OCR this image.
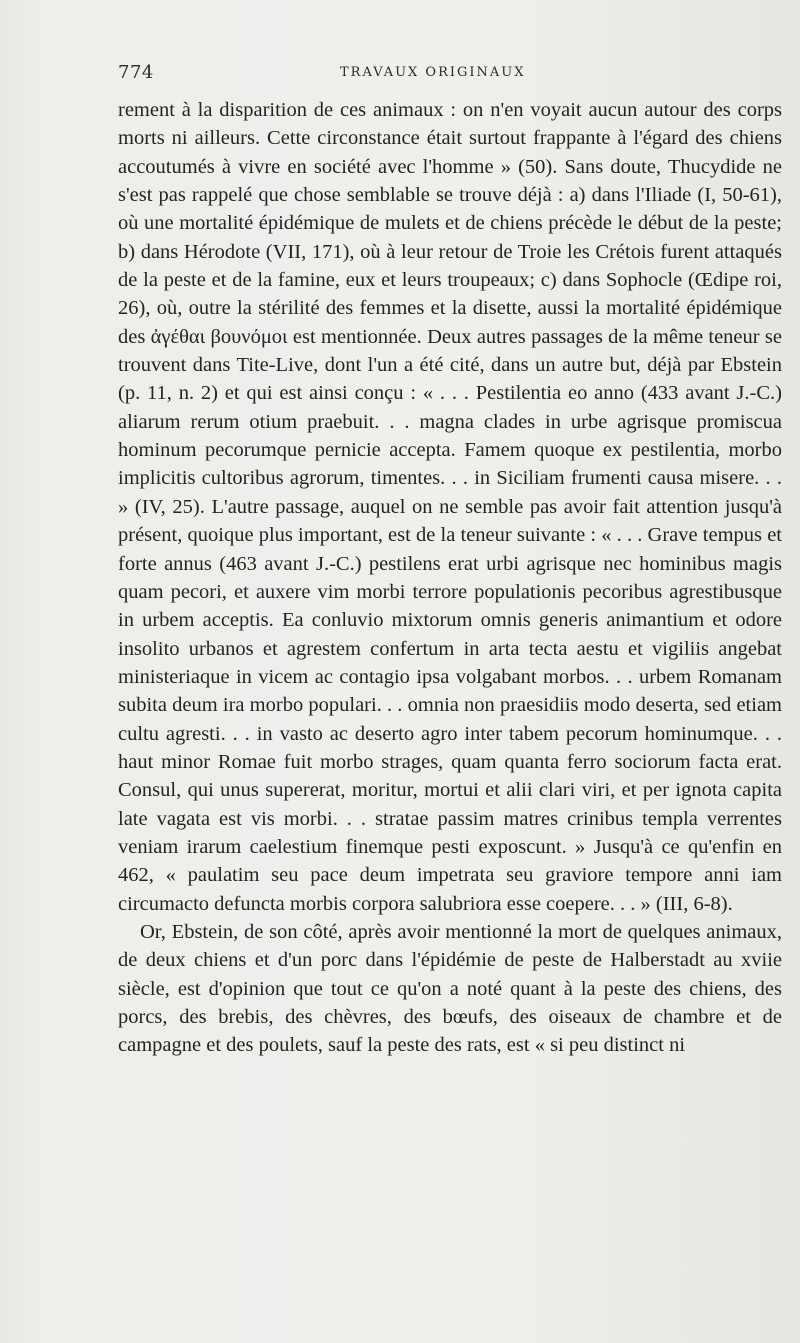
774	TRAVAUX ORIGINAUX

rement à la disparition de ces animaux : on n'en voyait aucun autour des corps morts ni ailleurs. Cette circonstance était surtout frappante à l'égard des chiens accoutumés à vivre en société avec l'homme » (50). Sans doute, Thucydide ne s'est pas rappelé que chose semblable se trouve déjà : a) dans l'Iliade (I, 50-61), où une mortalité épidémique de mulets et de chiens précède le début de la peste; b) dans Hérodote (VII, 171), où à leur retour de Troie les Crétois furent attaqués de la peste et de la famine, eux et leurs troupeaux; c) dans Sophocle (Œdipe roi, 26), où, outre la stérilité des femmes et la disette, aussi la mortalité épidémique des ἀγέθαι βουνόμοι est mentionnée. Deux autres passages de la même teneur se trouvent dans Tite-Live, dont l'un a été cité, dans un autre but, déjà par Ebstein (p. 11, n. 2) et qui est ainsi conçu : « . . . Pestilentia eo anno (433 avant J.-C.) aliarum rerum otium praebuit. . . magna clades in urbe agrisque promiscua hominum pecorumque pernicie accepta. Famem quoque ex pestilentia, morbo implicitis cultoribus agrorum, timentes. . . in Siciliam frumenti causa misere. . . » (IV, 25). L'autre passage, auquel on ne semble pas avoir fait attention jusqu'à présent, quoique plus important, est de la teneur suivante : « . . . Grave tempus et forte annus (463 avant J.-C.) pestilens erat urbi agrisque nec hominibus magis quam pecori, et auxere vim morbi terrore populationis pecoribus agrestibusque in urbem acceptis. Ea conluvio mixtorum omnis generis animantium et odore insolito urbanos et agrestem confertum in arta tecta aestu et vigiliis angebat ministeriaque in vicem ac contagio ipsa volgabant morbos. . . urbem Romanam subita deum ira morbo populari. . . omnia non praesidiis modo deserta, sed etiam cultu agresti. . . in vasto ac deserto agro inter tabem pecorum hominumque. . . haut minor Romae fuit morbo strages, quam quanta ferro sociorum facta erat. Consul, qui unus supererat, moritur, mortui et alii clari viri, et per ignota capita late vagata est vis morbi. . . stratae passim matres crinibus templa verrentes veniam irarum caelestium finemque pesti exposcunt. » Jusqu'à ce qu'enfin en 462, « paulatim seu pace deum impetrata seu graviore tempore anni iam circumacto defuncta morbis corpora salubriora esse coepere. . . » (III, 6-8).

Or, Ebstein, de son côté, après avoir mentionné la mort de quelques animaux, de deux chiens et d'un porc dans l'épidémie de peste de Halberstadt au xviie siècle, est d'opinion que tout ce qu'on a noté quant à la peste des chiens, des porcs, des brebis, des chèvres, des bœufs, des oiseaux de chambre et de campagne et des poulets, sauf la peste des rats, est « si peu distinct ni
